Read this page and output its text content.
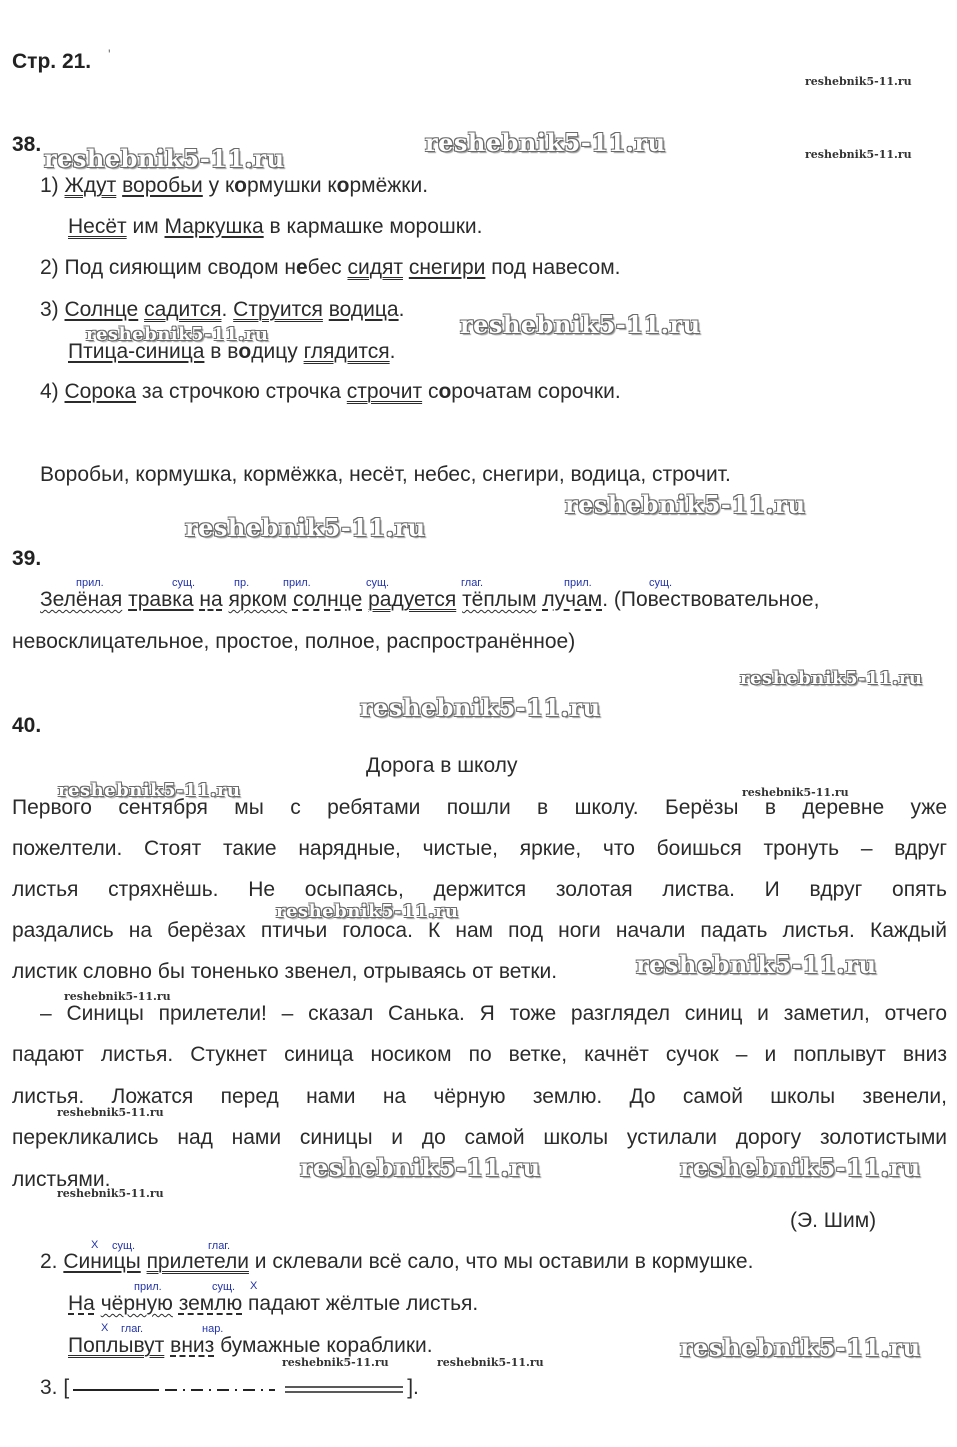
Стр. 21. '
reshebnik5-11.ru
reshebnik5-11.ru	reshebnik5-11.ru
reshebnik5-11.ru
reshebnik5-11.ru
reshebnik5-11.ru
reshebnik5-11.ru
reshebnik5-11.ru
reshebnik5-11.ru
reshebnik5-11.ru
reshebnik5-11.ru	reshebnik5-11.ru
reshebnik5-11.ru
reshebnik5-11.ru
reshebnik5-11.ru
reshebnik5-11.ru
reshebnik5-11.ru	reshebnik5-11.ru
reshebnik5-11.ru
reshebnik5-11.ru
reshebnik5-11.ru	reshebnik5-11.ru
38.
1) Ждут воробьи у кормушки кормёжки.
Несёт им Маркушка в кармашке морошки.
2) Под сияющим сводом небес сидят снегири под навесом.
3) Солнце садится. Струится водица.
Птица-синица в водицу глядится.
4) Сорока за строчкою строчка строчит сорочатам сорочки.
Воробьи, кормушка, кормёжка, несёт, небес, снегири, водица, строчит.
39.
прил.	сущ.	пр.	прил.	сущ.	глаг.	прил.	сущ.
Зелёная травка на ярком солнце радуется тёплым лучам. (Повествовательное,
невосклицательное, простое, полное, распространённое)
40.
Дорога в школу
Первого сентября мы с ребятами пошли в школу. Берёзы в деревне уже
пожелтели. Стоят такие нарядные, чистые, яркие, что боишься тронуть – вдруг
листья стряхнёшь. Не осыпаясь, держится золотая листва. И вдруг опять
раздались на берёзах птичьи голоса. К нам под ноги начали падать листья. Каждый
листик словно бы тоненько звенел, отрываясь от ветки.
– Синицы прилетели! – сказал Санька. Я тоже разглядел синиц и заметил, отчего
падают листья. Стукнет синица носиком по ветке, качнёт сучок – и поплывут вниз
листья. Ложатся перед нами на чёрную землю. До самой школы звенели,
перекликались над нами синицы и до самой школы устилали дорогу золотистыми
листьями.
(Э. Шим)
Х сущ.	глаг.
2. Синицы прилетели и склевали всё сало, что мы оставили в кормушке.
прил.	сущ. Х
На чёрную землю падают жёлтые листья.
Х глаг.	нар.
Поплывут вниз бумажные кораблики.
3. [	].
